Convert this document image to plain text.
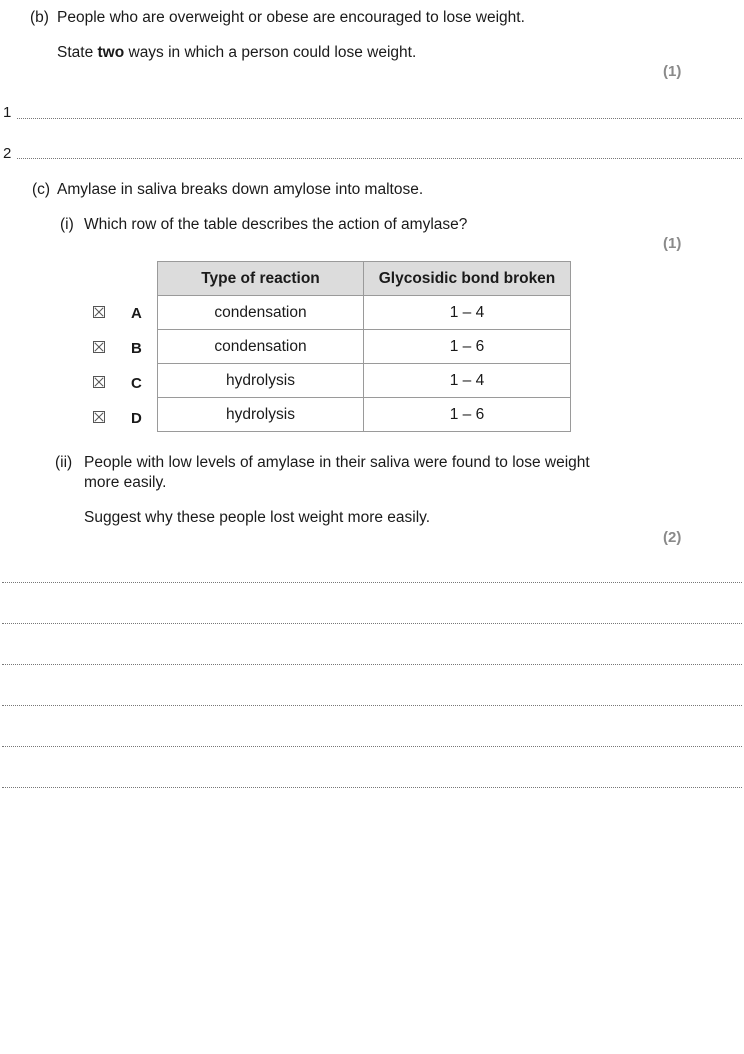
(b) People who are overweight or obese are encouraged to lose weight.
State two ways in which a person could lose weight.
(1)
1
2
(c) Amylase in saliva breaks down amylose into maltose.
(i) Which row of the table describes the action of amylase?
(1)
A
B
C
D
Type of reaction	Glycosidic bond broken
condensation	1 – 4
condensation	1 – 6
hydrolysis	1 – 4
hydrolysis	1 – 6
(ii) People with low levels of amylase in their saliva were found to lose weight
more easily.
Suggest why these people lost weight more easily.
(2)
